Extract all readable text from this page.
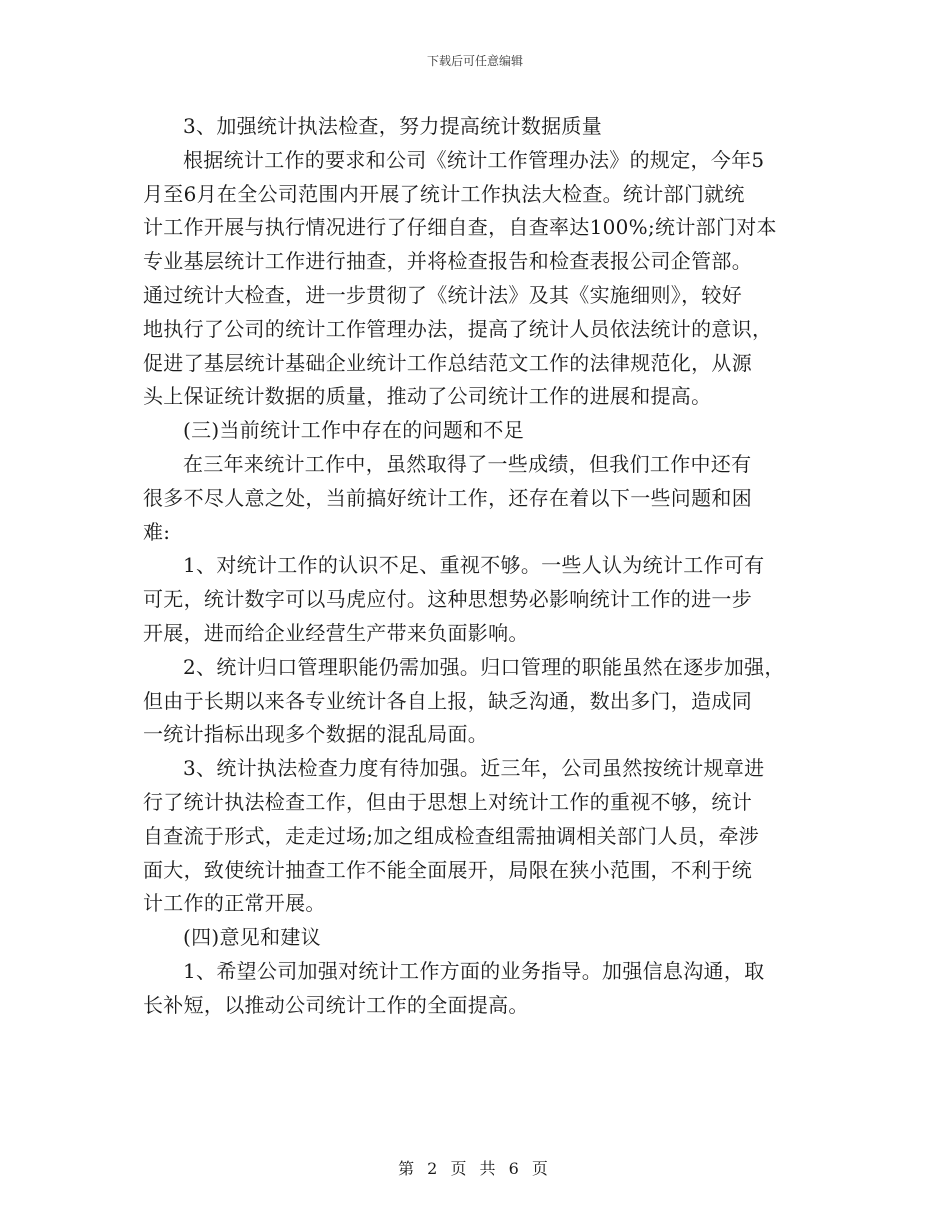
下载后可任意编辑
3、加强统计执法检查，努力提高统计数据质量
根据统计工作的要求和公司《统计工作管理办法》的规定，今年5
月至6月在全公司范围内开展了统计工作执法大检查。统计部门就统
计工作开展与执行情况进行了仔细自查，自查率达100%;统计部门对本
专业基层统计工作进行抽查，并将检查报告和检查表报公司企管部。
通过统计大检查，进一步贯彻了《统计法》及其《实施细则》，较好
地执行了公司的统计工作管理办法，提高了统计人员依法统计的意识，
促进了基层统计基础企业统计工作总结范文工作的法律规范化，从源
头上保证统计数据的质量，推动了公司统计工作的进展和提高。
(三)当前统计工作中存在的问题和不足
在三年来统计工作中，虽然取得了一些成绩，但我们工作中还有
很多不尽人意之处，当前搞好统计工作，还存在着以下一些问题和困
难:
1、对统计工作的认识不足、重视不够。一些人认为统计工作可有
可无，统计数字可以马虎应付。这种思想势必影响统计工作的进一步
开展，进而给企业经营生产带来负面影响。
2、统计归口管理职能仍需加强。归口管理的职能虽然在逐步加强，
但由于长期以来各专业统计各自上报，缺乏沟通，数出多门，造成同
一统计指标出现多个数据的混乱局面。
3、统计执法检查力度有待加强。近三年，公司虽然按统计规章进
行了统计执法检查工作，但由于思想上对统计工作的重视不够，统计
自查流于形式，走走过场;加之组成检查组需抽调相关部门人员，牵涉
面大，致使统计抽查工作不能全面展开，局限在狭小范围，不利于统
计工作的正常开展。
(四)意见和建议
1、希望公司加强对统计工作方面的业务指导。加强信息沟通，取
长补短，以推动公司统计工作的全面提高。
第 2 页 共 6 页
